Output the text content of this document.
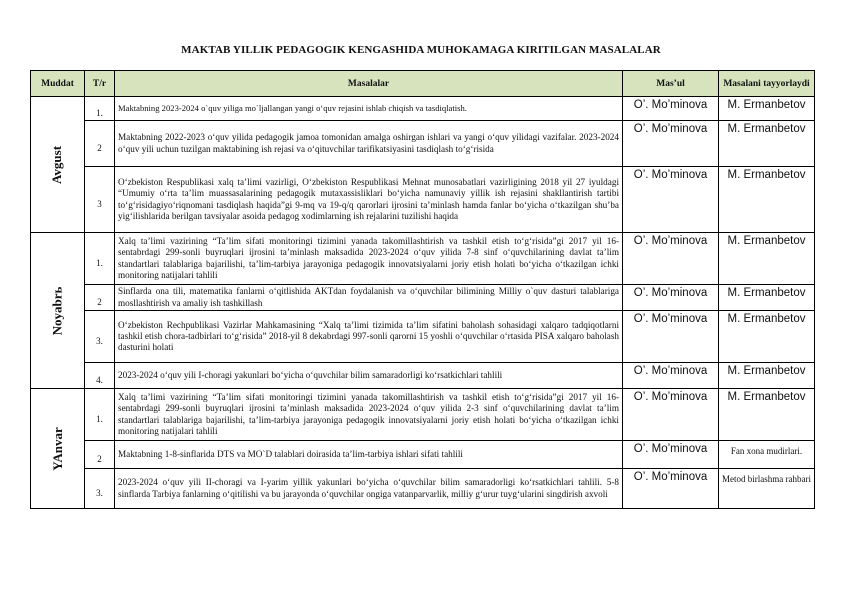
MAKTAB YILLIK PEDAGOGIK KENGASHIDA MUHOKAMAGA KIRITILGAN MASALALAR
Muddat	T/r	Masalalar	Mas’ul	Masalani tayyorlaydi
Avgust	1.	Maktabning 2023-2024 o`quv yiliga mo`ljallangan yangi o‘quv rejasini ishlab chiqish va tasdiqlatish.	O’. Mo’minova	M. Ermanbetov
	2	Maktabning 2022-2023 o‘quv yilida pedagogik jamoa tomonidan amalga oshirgan ishlari va yangi o‘quv yilidagi vazifalar. 2023-2024 o‘quv yili uchun tuzilgan maktabining ish rejasi va o‘qituvchilar tarifikatsiyasini tasdiqlash to‘g‘risida	O’. Mo’minova	M. Ermanbetov
	3	O‘zbekiston Respublikasi xalq ta’limi vazirligi, O‘zbekiston Respublikasi Mehnat munosabatlari vazirligining 2018 yil 27 iyuldagi “Umumiy o‘rta ta’lim muassasalarining pedagogik mutaxassisliklari bo‘yicha namunaviy yillik ish rejasini shakllantirish tartibi to‘g‘risidagiyo‘riqnomani tasdiqlash haqida”gi 9-mq va 19-q/q qarorlari ijrosini ta’minlash hamda fanlar bo‘yicha o‘tkazilgan shu’ba yig‘ilishlarida berilgan tavsiyalar asoida pedagog xodimlarning ish rejalarini tuzilishi haqida	O’. Mo’minova	M. Ermanbetov
Noyabrь	1.	Xalq ta’limi vazirining “Ta’lim sifati monitoringi tizimini yanada takomillashtirish va tashkil etish to‘g‘risida”gi 2017 yil 16-sentabrdagi 299-sonli buyruqlari ijrosini ta’minlash maksadida 2023-2024 o‘quv yilida 7-8 sinf o‘quvchilarining davlat ta’lim standartlari talablariga bajarilishi, ta’lim-tarbiya jarayoniga pedagogik innovatsiyalarni joriy etish holati bo‘yicha o‘tkazilgan ichki monitoring natijalari tahlili	O’. Mo’minova	M. Ermanbetov
	2	Sinflarda ona tili, matematika fanlarni o‘qitlishida AKTdan foydalanish va o‘quvchilar bilimining Milliy o`quv dasturi talablariga mosllashtirish va amaliy ish tashkillash	O’. Mo’minova	M. Ermanbetov
	3.	O‘zbekiston Rechpublikasi Vazirlar Mahkamasining “Xalq ta’limi tizimida ta’lim sifatini baholash sohasidagi xalqaro tadqiqotlarni tashkil etish chora-tadbirlari to‘g‘risida” 2018-yil 8 dekabrdagi 997-sonli qarorni 15 yoshli o‘quvchilar o‘rtasida PISA xalqaro baholash dasturini holati	O’. Mo’minova	M. Ermanbetov
	4.	2023-2024 o‘quv yili I-choragi yakunlari bo‘yicha o‘quvchilar bilim samaradorligi ko‘rsatkichlari tahlili	O’. Mo’minova	M. Ermanbetov
YAnvar	1.	Xalq ta’limi vazirining “Ta’lim sifati monitoringi tizimini yanada takomillashtirish va tashkil etish to‘g‘risida”gi 2017 yil 16-sentabrdagi 299-sonli buyruqlari ijrosini ta’minlash maksadida 2023-2024 o‘quv yilida 2-3 sinf o‘quvchilarining davlat ta’lim standartlari talablariga bajarilishi, ta’lim-tarbiya jarayoniga pedagogik innovatsiyalarni joriy etish holati bo‘yicha o‘tkazilgan ichki monitoring natijalari tahlili	O’. Mo’minova	M. Ermanbetov
	2	Maktabning 1-8-sinflarida DTS va MO`D talablari doirasida ta’lim-tarbiya ishlari sifati tahlili	O’. Mo’minova	Fan xona mudirlari.
	3.	2023-2024 o‘quv yili II-choragi va I-yarim yillik yakunlari bo‘yicha o‘quvchilar bilim samaradorligi ko‘rsatkichlari tahlili. 5-8 sinflarda Tarbiya fanlarning o‘qitilishi va bu jarayonda o‘quvchilar ongiga vatanparvarlik, milliy g‘urur tuyg‘ularini singdirish axvoli	O’. Mo’minova	Metod birlashma rahbari
